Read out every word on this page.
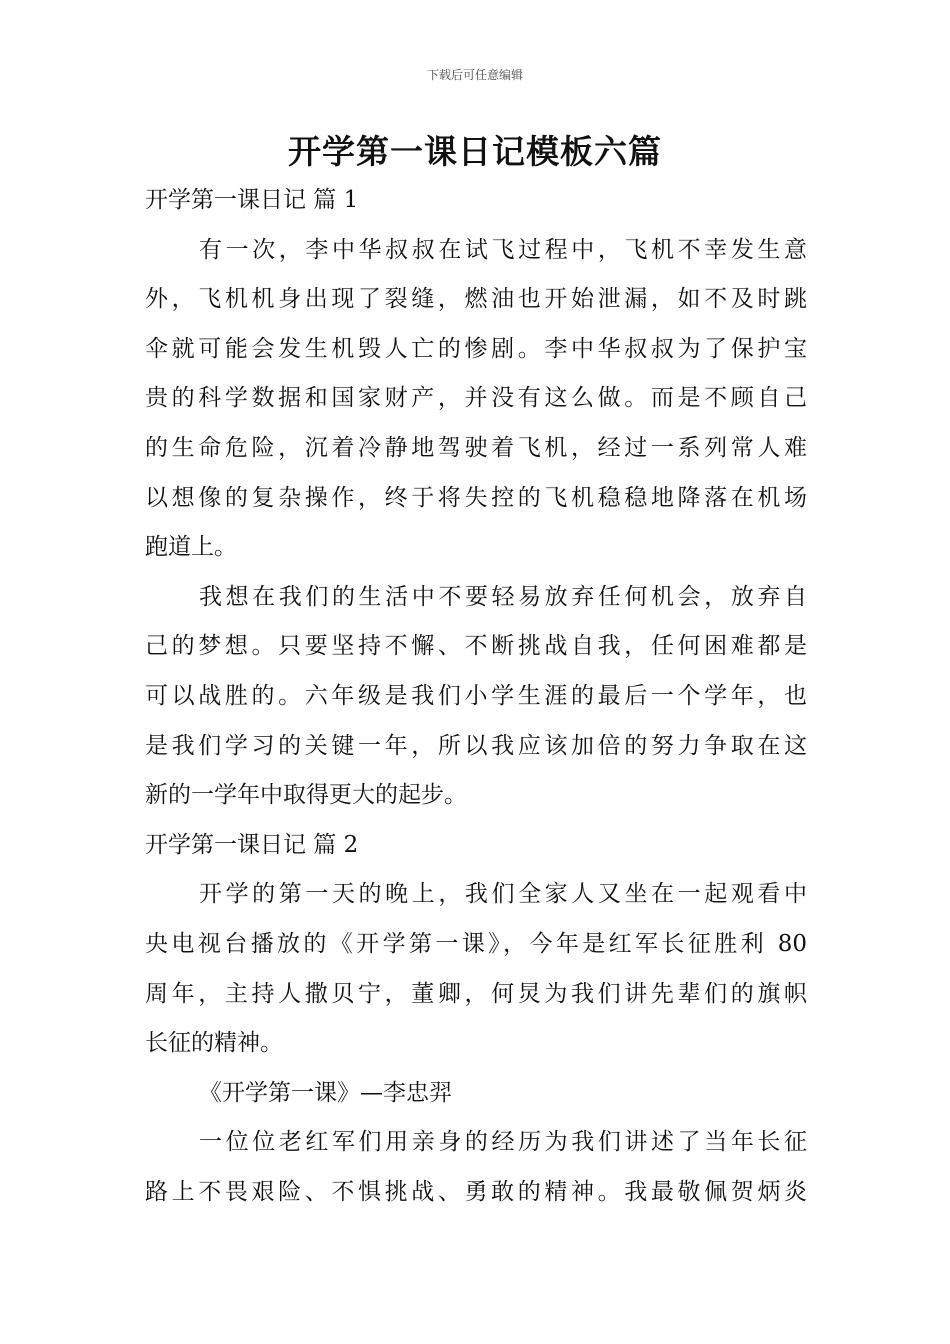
下载后可任意编辑
开学第一课日记模板六篇
开学第一课日记 篇 1
有一次，李中华叔叔在试飞过程中，飞机不幸发生意
外，飞机机身出现了裂缝，燃油也开始泄漏，如不及时跳
伞就可能会发生机毁人亡的惨剧。李中华叔叔为了保护宝
贵的科学数据和国家财产，并没有这么做。而是不顾自己
的生命危险，沉着冷静地驾驶着飞机，经过一系列常人难
以想像的复杂操作，终于将失控的飞机稳稳地降落在机场
跑道上。
我想在我们的生活中不要轻易放弃任何机会，放弃自
己的梦想。只要坚持不懈、不断挑战自我，任何困难都是
可以战胜的。六年级是我们小学生涯的最后一个学年，也
是我们学习的关键一年，所以我应该加倍的努力争取在这
新的一学年中取得更大的起步。
开学第一课日记 篇 2
开学的第一天的晚上，我们全家人又坐在一起观看中
央电视台播放的《开学第一课》，今年是红军长征胜利 80
周年，主持人撒贝宁，董卿，何炅为我们讲先辈们的旗帜
长征的精神。
《开学第一课》—李忠羿
一位位老红军们用亲身的经历为我们讲述了当年长征
路上不畏艰险、不惧挑战、勇敢的精神。我最敬佩贺炳炎
